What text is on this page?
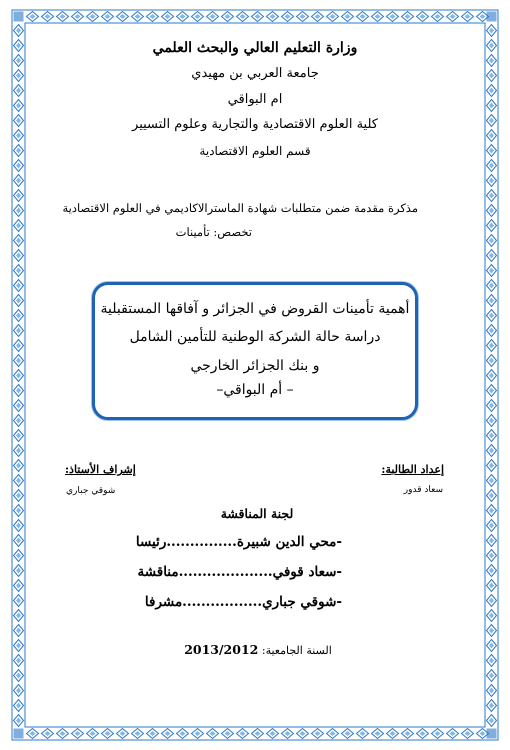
وزارة التعليم العالي والبحث العلمي
جامعة العربي بن مهيدي
ام البواقي
كلية العلوم الاقتصادية والتجارية وعلوم التسيير
قسم العلوم الاقتصادية
مذكرة مقدمة ضمن متطلبات شهادة الماسترالاكاديمي في العلوم الاقتصادية
تخصص: تأمينات
أهمية تأمينات القروض في الجزائر و آفاقها المستقبلية
دراسة حالة الشركة الوطنية للتأمين الشامل
و بنك الجزائر الخارجي
– أم البواقي–
إعداد الطالبة:
سعاد قدور
إشراف الأستاذ:
شوقي جباري
لجنة المناقشة
-محي الدين شبيرة...............رئيسا
-سعاد قوفي....................مناقشة
-شوقي جباري.................مشرفا
السنة الجامعية: 2013/2012
